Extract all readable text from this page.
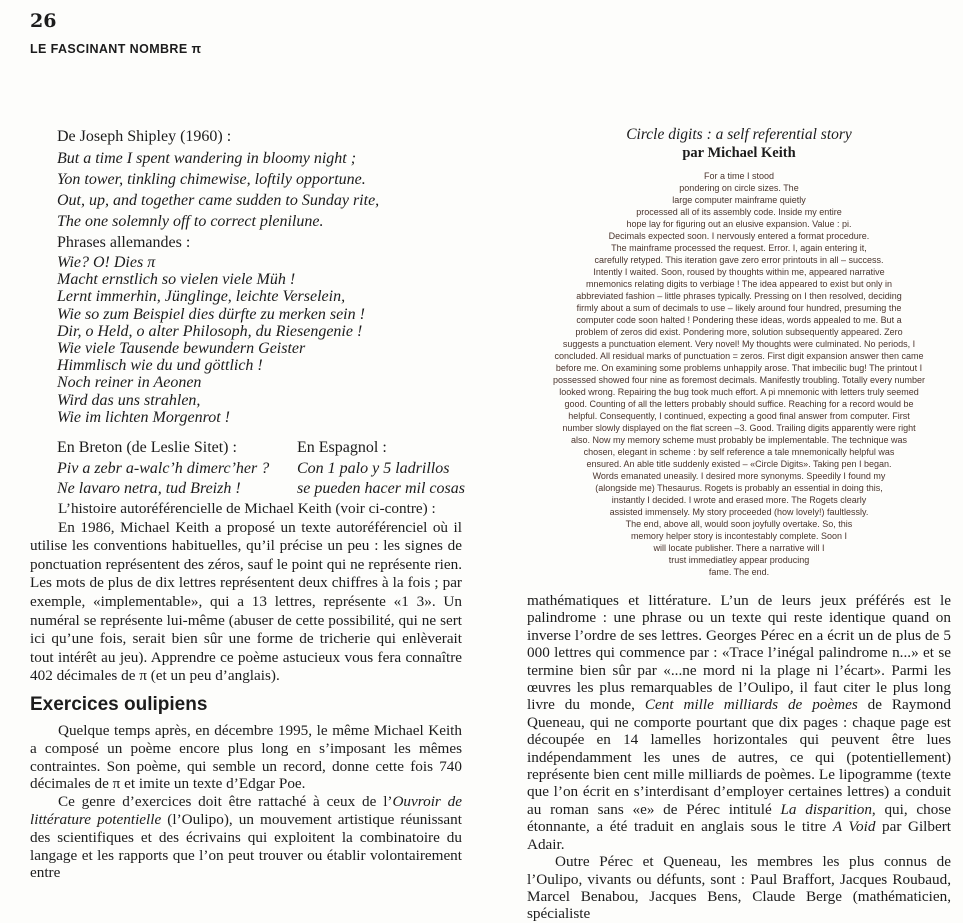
26
LE FASCINANT NOMBRE π
De Joseph Shipley (1960) :
But a time I spent wandering in bloomy night ;
Yon tower, tinkling chimewise, loftily opportune.
Out, up, and together came sudden to Sunday rite,
The one solemnly off to correct plenilune.
Phrases allemandes :
Wie? O! Dies π
Macht ernstlich so vielen viele Müh !
Lernt immerhin, Jünglinge, leichte Verselein,
Wie so zum Beispiel dies dürfte zu merken sein !
Dir, o Held, o alter Philosoph, du Riesengenie !
Wie viele Tausende bewundern Geister
Himmlisch wie du und göttlich !
Noch reiner in Aeonen
Wird das uns strahlen,
Wie im lichten Morgenrot !
En Breton (de Leslie Sitet) :
Piv a zebr a-walc’h dimerc’her ?
Ne lavaro netra, tud Breizh !
En Espagnol :
Con 1 palo y 5 ladrillos
se pueden hacer mil cosas

L’histoire autoréférencielle de Michael Keith (voir ci-contre) :

En 1986, Michael Keith a proposé un texte autoréférenciel où il utilise les conventions habituelles, qu’il précise un peu : les signes de ponctuation représentent des zéros, sauf le point qui ne représente rien. Les mots de plus de dix lettres représentent deux chiffres à la fois ; par exemple, «implementable», qui a 13 lettres, représente «1 3». Un numéral se représente lui-même (abuser de cette possibilité, qui ne sert ici qu’une fois, serait bien sûr une forme de tricherie qui enlèverait tout intérêt au jeu). Apprendre ce poème astucieux vous fera connaître 402 décimales de π (et un peu d’anglais).

Exercices oulipiens

Quelque temps après, en décembre 1995, le même Michael Keith a composé un poème encore plus long en s’imposant les mêmes contraintes. Son poème, qui semble un record, donne cette fois 740 décimales de π et imite un texte d’Edgar Poe.

Ce genre d’exercices doit être rattaché à ceux de l’Ouvroir de littérature potentielle (l’Oulipo), un mouvement artistique réunissant des scientifiques et des écrivains qui exploitent la combinatoire du langage et les rapports que l’on peut trouver ou établir volontairement entre

Circle digits : a self referential story
par Michael Keith
For a time I stood
pondering on circle sizes. The
large computer mainframe quietly
processed all of its assembly code. Inside my entire
hope lay for figuring out an elusive expansion. Value : pi.
Decimals expected soon. I nervously entered a format procedure.
The mainframe processed the request. Error. I, again entering it,
carefully retyped. This iteration gave zero error printouts in all – success.
Intently I waited. Soon, roused by thoughts within me, appeared narrative
mnemonics relating digits to verbiage ! The idea appeared to exist but only in
abbreviated fashion – little phrases typically. Pressing on I then resolved, deciding
firmly about a sum of decimals to use – likely around four hundred, presuming the
computer code soon halted ! Pondering these ideas, words appealed to me. But a
problem of zeros did exist. Pondering more, solution subsequently appeared. Zero
suggests a punctuation element. Very novel! My thoughts were culminated. No periods, I
concluded. All residual marks of punctuation = zeros. First digit expansion answer then came
before me. On examining some problems unhappily arose. That imbecilic bug! The printout I
possessed showed four nine as foremost decimals. Manifestly troubling. Totally every number
looked wrong. Repairing the bug took much effort. A pi mnemonic with letters truly seemed
good. Counting of all the letters probably should suffice. Reaching for a record would be
helpful. Consequently, I continued, expecting a good final answer from computer. First
number slowly displayed on the flat screen –3. Good. Trailing digits apparently were right
also. Now my memory scheme must probably be implementable. The technique was
chosen, elegant in scheme : by self reference a tale mnemonically helpful was
ensured. An able title suddenly existed – «Circle Digits». Taking pen I began.
Words emanated uneasily. I desired more synonyms. Speedily I found my
(alongside me) Thesaurus. Rogets is probably an essential in doing this,
instantly I decided. I wrote and erased more. The Rogets clearly
assisted immensely. My story proceeded (how lovely!) faultlessly.
The end, above all, would soon joyfully overtake. So, this
memory helper story is incontestably complete. Soon I
will locate publisher. There a narrative will I
trust immediatley appear producing
fame. The end.

mathématiques et littérature. L’un de leurs jeux préférés est le palindrome : une phrase ou un texte qui reste identique quand on inverse l’ordre de ses lettres. Georges Pérec en a écrit un de plus de 5 000 lettres qui commence par : «Trace l’inégal palindrome n...» et se termine bien sûr par «...ne mord ni la plage ni l’écart». Parmi les œuvres les plus remarquables de l’Oulipo, il faut citer le plus long livre du monde, Cent mille milliards de poèmes de Raymond Queneau, qui ne comporte pourtant que dix pages : chaque page est découpée en 14 lamelles horizontales qui peuvent être lues indépendamment les unes de autres, ce qui (potentiellement) représente bien cent mille milliards de poèmes. Le lipogramme (texte que l’on écrit en s’interdisant d’employer certaines lettres) a conduit au roman sans «e» de Pérec intitulé La disparition, qui, chose étonnante, a été traduit en anglais sous le titre A Void par Gilbert Adair.

Outre Pérec et Queneau, les membres les plus connus de l’Oulipo, vivants ou défunts, sont : Paul Braffort, Jacques Roubaud, Marcel Benabou, Jacques Bens, Claude Berge (mathématicien, spécialiste
